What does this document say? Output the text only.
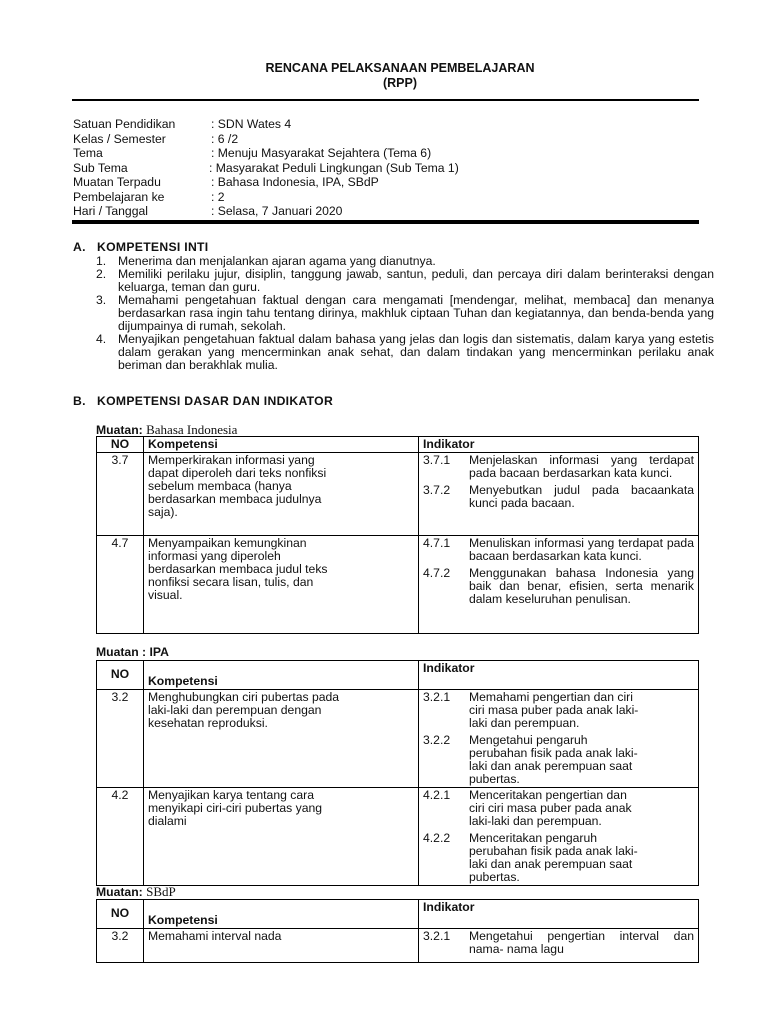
RENCANA PELAKSANAAN PEMBELAJARAN
(RPP)
Satuan Pendidikan	: SDN Wates 4
Kelas / Semester	: 6 /2
Tema	: Menuju Masyarakat Sejahtera (Tema 6)
Sub Tema	: Masyarakat Peduli Lingkungan (Sub Tema 1)
Muatan Terpadu	: Bahasa Indonesia, IPA, SBdP
Pembelajaran ke	: 2
Hari / Tanggal	: Selasa, 7 Januari 2020
A. KOMPETENSI INTI
1. Menerima dan menjalankan ajaran agama yang dianutnya.
2. Memiliki perilaku jujur, disiplin, tanggung jawab, santun, peduli, dan percaya diri dalam berinteraksi dengan keluarga, teman dan guru.
3. Memahami pengetahuan faktual dengan cara mengamati [mendengar, melihat, membaca] dan menanya berdasarkan rasa ingin tahu tentang dirinya, makhluk ciptaan Tuhan dan kegiatannya, dan benda-benda yang dijumpainya di rumah, sekolah.
4. Menyajikan pengetahuan faktual dalam bahasa yang jelas dan logis dan sistematis, dalam karya yang estetis dalam gerakan yang mencerminkan anak sehat, dan dalam tindakan yang mencerminkan perilaku anak beriman dan berakhlak mulia.
B. KOMPETENSI DASAR DAN INDIKATOR
Muatan: Bahasa Indonesia
NO	Kompetensi	Indikator
3.7	Memperkirakan informasi yang dapat diperoleh dari teks nonfiksi sebelum membaca (hanya berdasarkan membaca judulnya saja).	3.7.1 Menjelaskan informasi yang terdapat pada bacaan berdasarkan kata kunci.
3.7.2 Menyebutkan judul pada bacaankata kunci pada bacaan.

4.7	Menyampaikan kemungkinan informasi yang diperoleh berdasarkan membaca judul teks nonfiksi secara lisan, tulis, dan visual.	4.7.1 Menuliskan informasi yang terdapat pada bacaan berdasarkan kata kunci.
4.7.2 Menggunakan bahasa Indonesia yang baik dan benar, efisien, serta menarik dalam keseluruhan penulisan.
Muatan : IPA
NO	Kompetensi	Indikator
3.2	Menghubungkan ciri pubertas pada laki-laki dan perempuan dengan kesehatan reproduksi.	3.2.1 Memahami pengertian dan ciri ciri masa puber pada anak laki-laki dan perempuan.
3.2.2 Mengetahui pengaruh perubahan fisik pada anak laki-laki dan anak perempuan saat pubertas.

4.2	Menyajikan karya tentang cara menyikapi ciri-ciri pubertas yang dialami	4.2.1 Menceritakan pengertian dan ciri ciri masa puber pada anak laki-laki dan perempuan.
4.2.2 Menceritakan pengaruh perubahan fisik pada anak laki-laki dan anak perempuan saat pubertas.
Muatan: SBdP
NO	Kompetensi	Indikator
3.2	Memahami interval nada	3.2.1 Mengetahui pengertian interval dan nama- nama lagu
